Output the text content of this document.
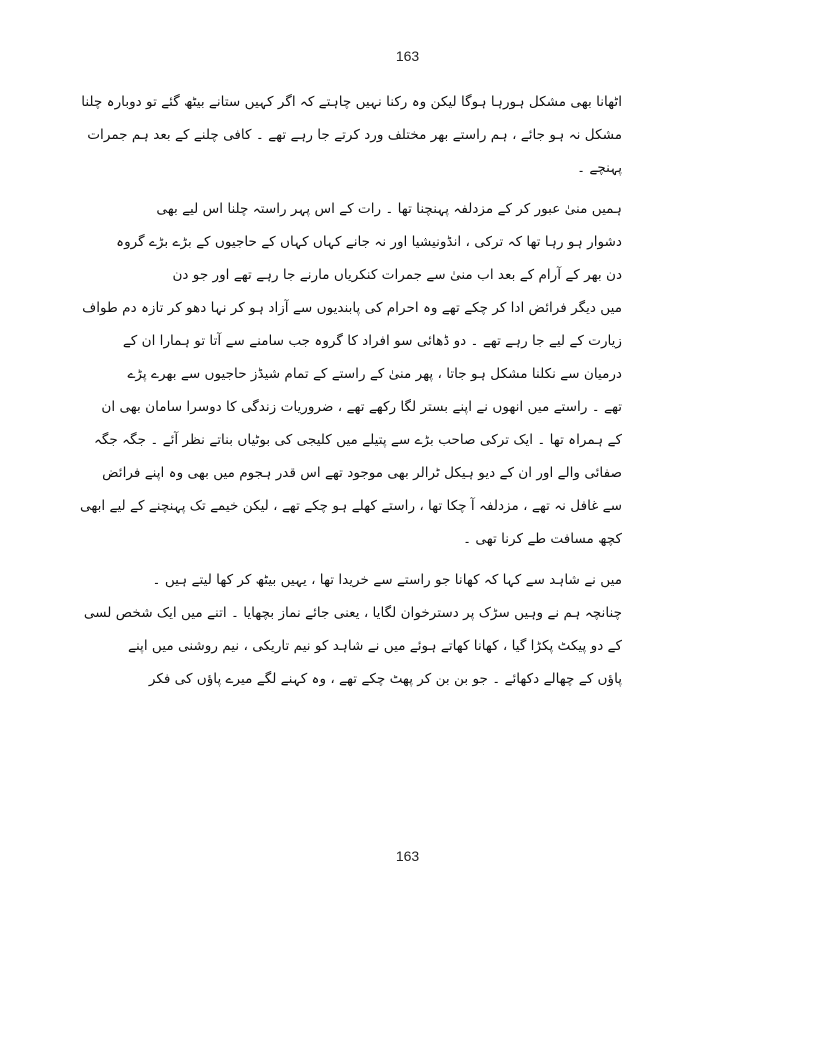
163
اٹھانا بھی مشکل ہورہا ہوگا لیکن وہ رکنا نہیں چاہتے کہ اگر کہیں ستانے بیٹھ گئے تو دوبارہ چلنا
مشکل نہ ہو جائے ، ہم راستے بھر مختلف ورد کرتے جا رہے تھے ۔ کافی چلنے کے بعد ہم جمرات
پہنچے ۔
ہمیں منیٰ عبور کر کے مزدلفہ پہنچنا تھا ۔ رات کے اس پہر راستہ چلنا اس لیے بھی
دشوار ہو رہا تھا کہ ترکی ، انڈونیشیا اور نہ جانے کہاں کہاں کے حاجیوں کے بڑے بڑے گروہ
دن بھر کے آرام کے بعد اب منیٰ سے جمرات کنکریاں مارنے جا رہے تھے اور جو دن
میں دیگر فرائض ادا کر چکے تھے وہ احرام کی پابندیوں سے آزاد ہو کر نہا دھو کر تازہ دم طواف
زیارت کے لیے جا رہے تھے ۔ دو ڈھائی سو افراد کا گروہ جب سامنے سے آتا تو ہمارا ان کے
درمیان سے نکلنا مشکل ہو جاتا ، پھر منیٰ کے راستے کے تمام شیڈز حاجیوں سے بھرے پڑے
تھے ۔ راستے میں انھوں نے اپنے بستر لگا رکھے تھے ، ضروریات زندگی کا دوسرا سامان بھی ان
کے ہمراہ تھا ۔ ایک ترکی صاحب بڑے سے پتیلے میں کلیجی کی بوٹیاں بناتے نظر آئے ۔ جگہ جگہ
صفائی والے اور ان کے دیو ہیکل ٹرالر بھی موجود تھے اس قدر ہجوم میں بھی وہ اپنے فرائض
سے غافل نہ تھے ، مزدلفہ آ چکا تھا ، راستے کھلے ہو چکے تھے ، لیکن خیمے تک پہنچنے کے لیے ابھی
کچھ مسافت طے کرنا تھی ۔
میں نے شاہد سے کہا کہ کھانا جو راستے سے خریدا تھا ، یہیں بیٹھ کر کھا لیتے ہیں ۔
چنانچہ ہم نے وہیں سڑک پر دسترخوان لگایا ، یعنی جائے نماز بچھایا ۔ اتنے میں ایک شخص لسی
کے دو پیکٹ پکڑا گیا ، کھانا کھاتے ہوئے میں نے شاہد کو نیم تاریکی ، نیم روشنی میں اپنے
پاؤں کے چھالے دکھائے ۔ جو بن بن کر پھٹ چکے تھے ، وہ کہنے لگے میرے پاؤں کی فکر
163
